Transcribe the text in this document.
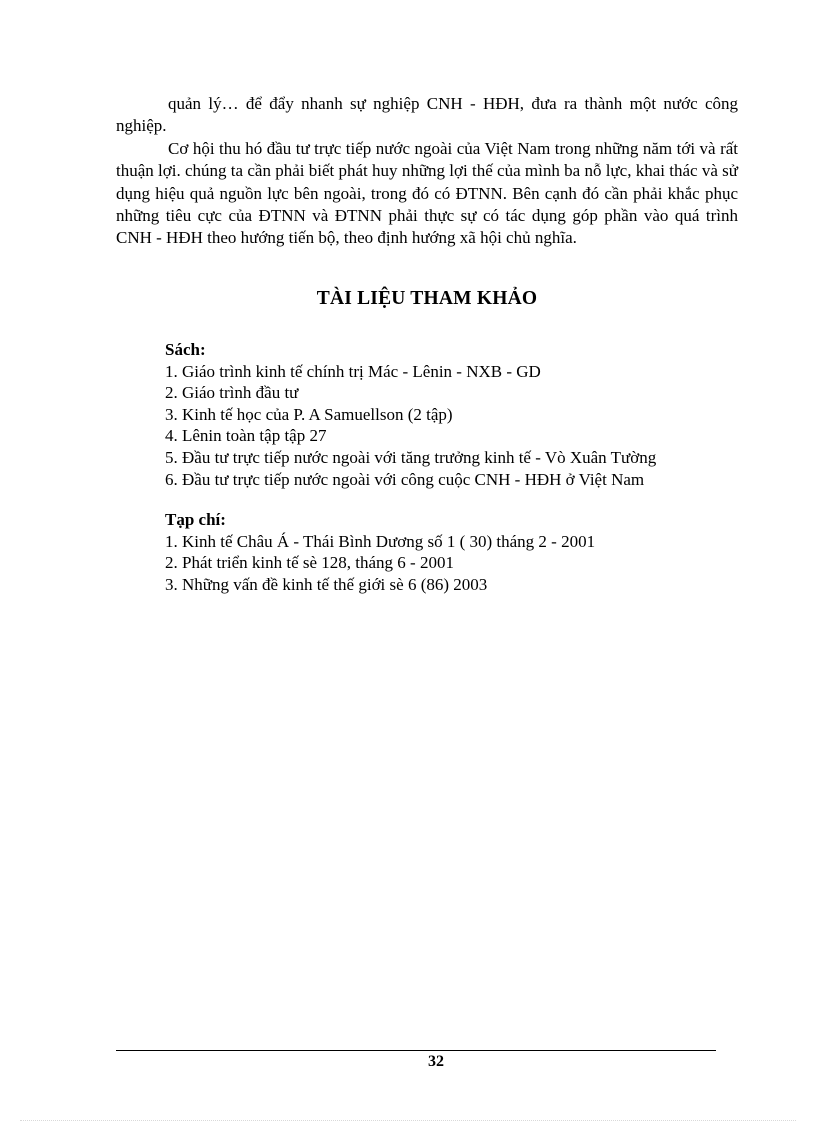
quản lý… để đẩy nhanh sự nghiệp CNH - HĐH, đưa ra thành một nước công nghiệp.

Cơ hội thu hó đầu tư trực tiếp nước ngoài của Việt Nam trong những năm tới và rất thuận lợi. chúng ta cần phải biết phát huy những lợi thế của mình ba nỗ lực, khai thác và sử dụng hiệu quả nguồn lực bên ngoài, trong đó có ĐTNN. Bên cạnh đó cần phải khắc phục những tiêu cực của ĐTNN và ĐTNN phải thực sự có tác dụng góp phần vào quá trình CNH - HĐH theo hướng tiến bộ, theo định hướng xã hội chủ nghĩa.

TÀI LIỆU THAM KHẢO

Sách:

1. Giáo trình kinh tế chính trị Mác - Lênin - NXB - GD
2. Giáo trình đầu tư
3. Kinh tế học của P. A Samuellson (2 tập)
4. Lênin toàn tập tập 27
5. Đầu tư trực tiếp nước ngoài với tăng trưởng kinh tế - Vò Xuân Tường
6. Đầu tư trực tiếp nước ngoài với công cuộc CNH - HĐH ở Việt Nam

Tạp chí:

1. Kinh tế Châu Á - Thái Bình Dương số 1 ( 30) tháng 2 - 2001
2. Phát triển kinh tế sè 128, tháng 6 - 2001
3. Những vấn đề kinh tế thế giới sè 6 (86) 2003
32
